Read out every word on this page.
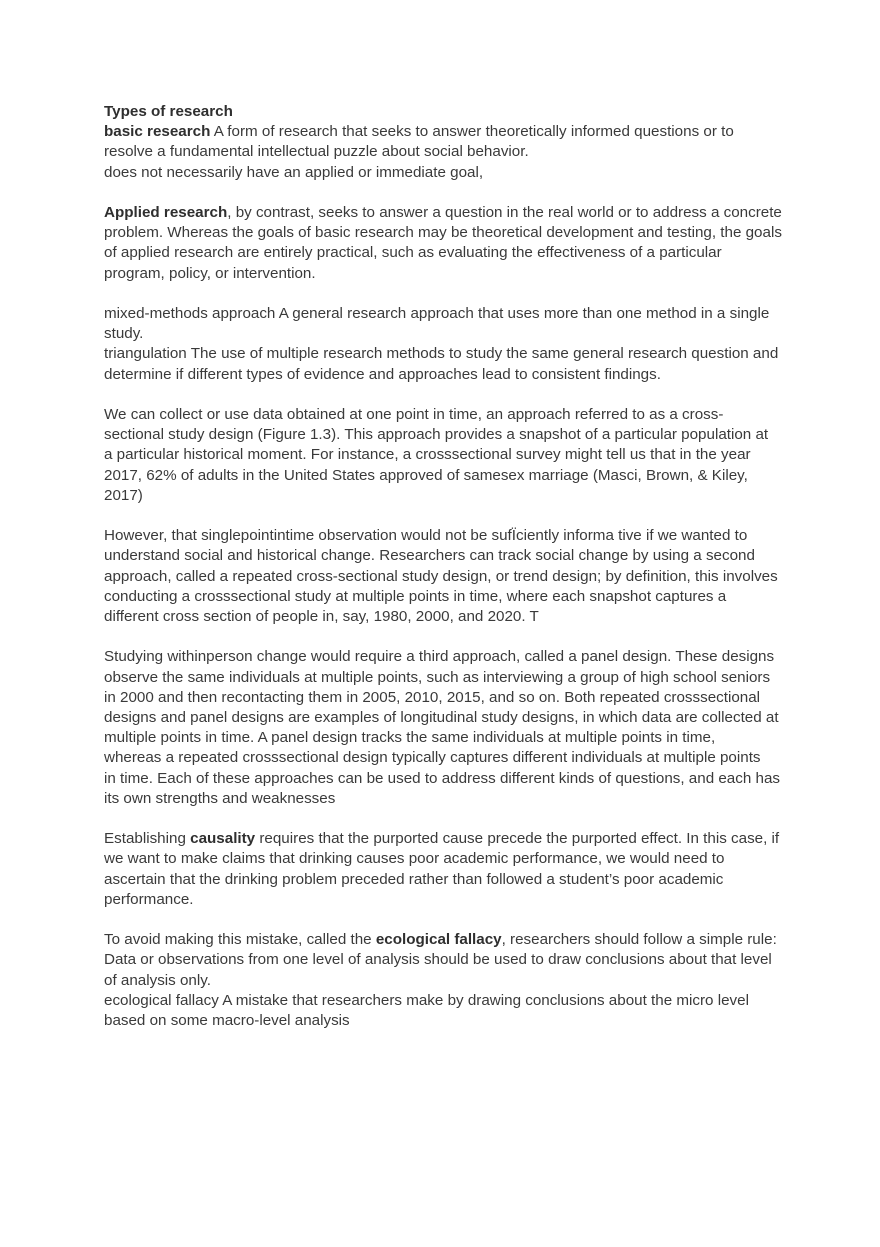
Types of research
basic research A form of research that seeks to answer theoretically informed questions or to
resolve a fundamental intellectual puzzle about social behavior.
does not necessarily have an applied or immediate goal,
Applied research, by contrast, seeks to answer a question in the real world or to address a concrete
problem. Whereas the goals of basic research may be theoretical development and testing, the goals
of applied research are entirely practical, such as evaluating the effectiveness of a particular
program, policy, or intervention.
mixed-methods approach A general research approach that uses more than one method in a single
study.
triangulation The use of multiple research methods to study the same general research question and
determine if different types of evidence and approaches lead to consistent findings.
We can collect or use data obtained at one point in time, an approach referred to as a cross-
sectional study design (Figure 1.3). This approach provides a snapshot of a particular population at
a particular historical moment. For instance, a crosssectional survey might tell us that in the year
2017, 62% of adults in the United States approved of samesex marriage (Masci, Brown, & Kiley,
2017)
However, that singlepointintime observation would not be sufÏciently informa tive if we wanted to
understand social and historical change. Researchers can track social change by using a second
approach, called a repeated cross-sectional study design, or trend design; by definition, this involves
conducting a crosssectional study at multiple points in time, where each snapshot captures a
different cross section of people in, say, 1980, 2000, and 2020. T
Studying withinperson change would require a third approach, called a panel design. These designs
observe the same individuals at multiple points, such as interviewing a group of high school seniors
in 2000 and then recontacting them in 2005, 2010, 2015, and so on. Both repeated crosssectional
designs and panel designs are examples of longitudinal study designs, in which data are collected at
multiple points in time. A panel design tracks the same individuals at multiple points in time,
whereas a repeated crosssectional design typically captures different individuals at multiple points
in time. Each of these approaches can be used to address different kinds of questions, and each has
its own strengths and weaknesses
Establishing causality requires that the purported cause precede the purported effect. In this case, if
we want to make claims that drinking causes poor academic performance, we would need to
ascertain that the drinking problem preceded rather than followed a student’s poor academic
performance.
To avoid making this mistake, called the ecological fallacy, researchers should follow a simple rule:
Data or observations from one level of analysis should be used to draw conclusions about that level
of analysis only.
ecological fallacy A mistake that researchers make by drawing conclusions about the micro level
based on some macro-level analysis
